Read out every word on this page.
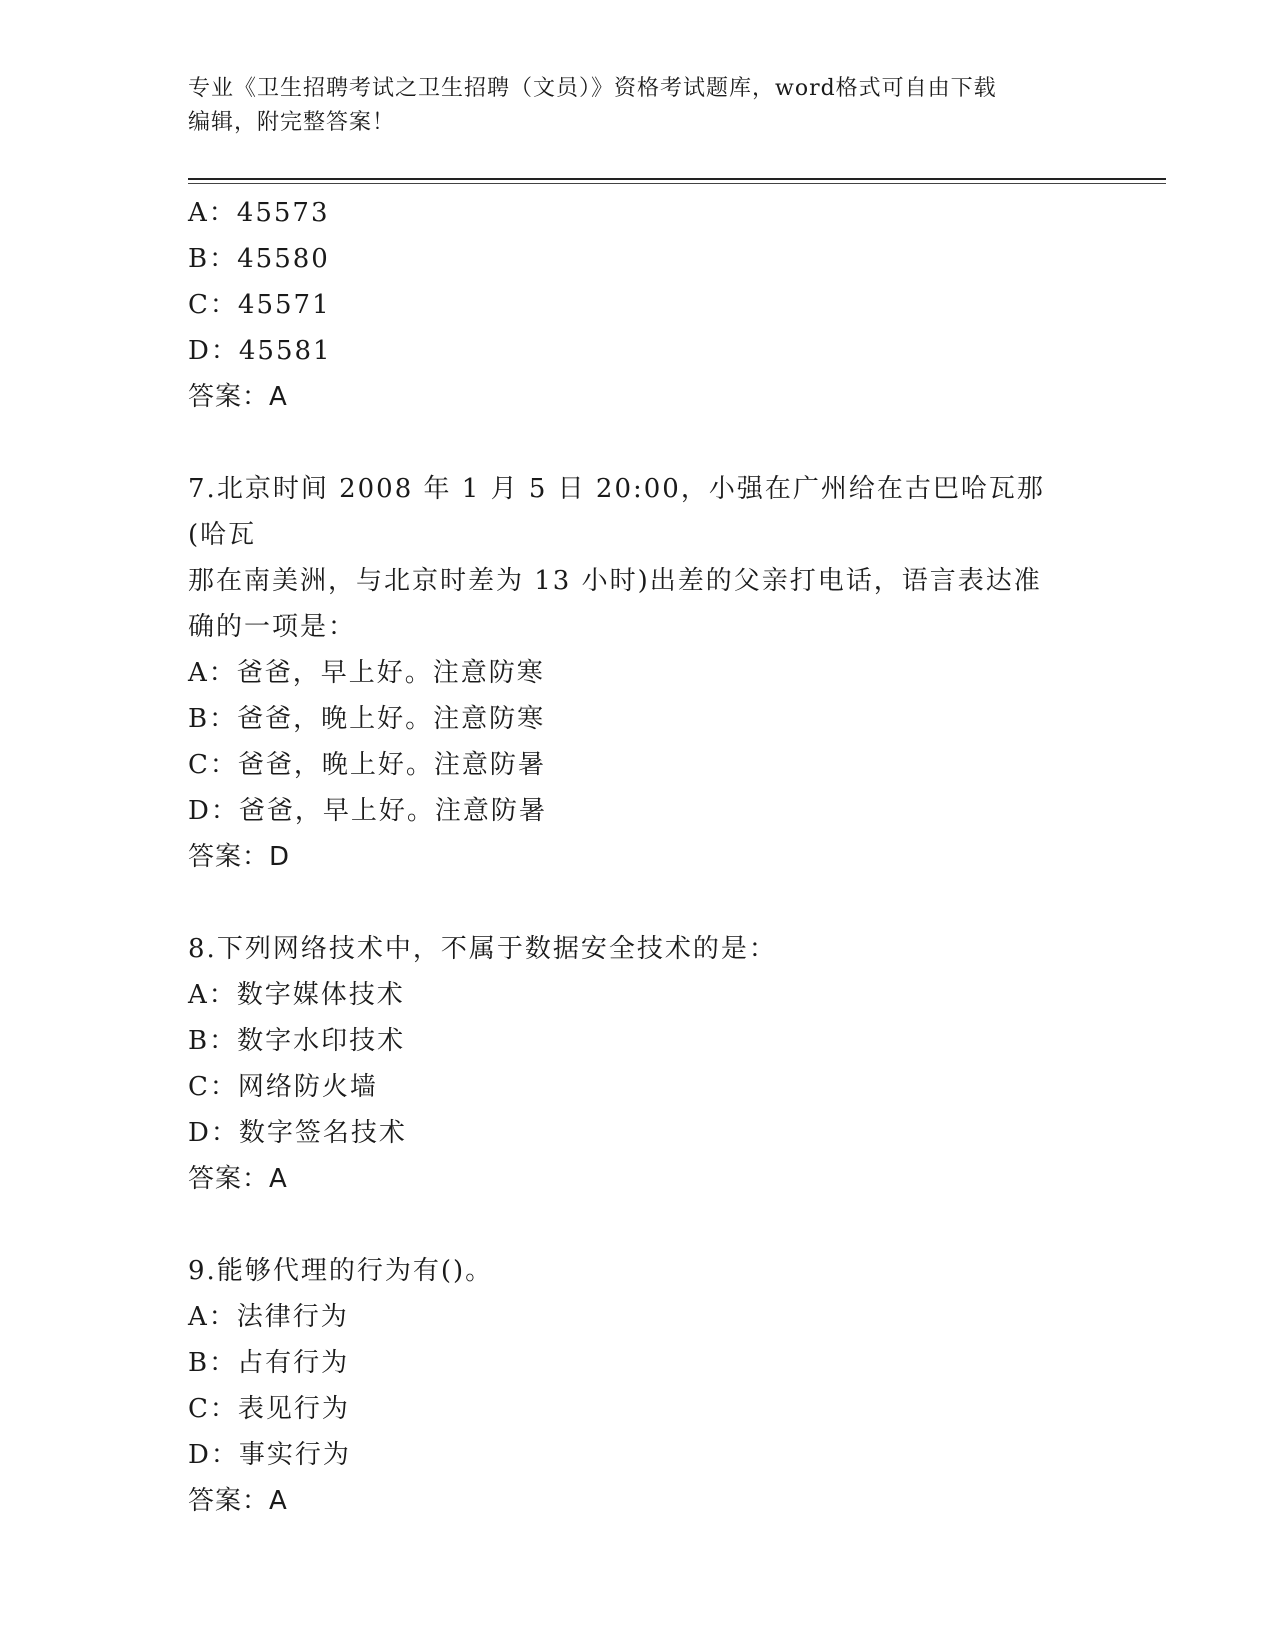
专业《卫生招聘考试之卫生招聘（文员）》资格考试题库，word格式可自由下载
编辑，附完整答案！
A：45573
B：45580
C：45571
D：45581
答案：A
7.北京时间 2008 年 1 月 5 日 20:00，小强在广州给在古巴哈瓦那(哈瓦
那在南美洲，与北京时差为 13 小时)出差的父亲打电话，语言表达准
确的一项是：
A：爸爸，早上好。注意防寒
B：爸爸，晚上好。注意防寒
C：爸爸，晚上好。注意防暑
D：爸爸，早上好。注意防暑
答案：D
8.下列网络技术中，不属于数据安全技术的是：
A：数字媒体技术
B：数字水印技术
C：网络防火墙
D：数字签名技术
答案：A
9.能够代理的行为有()。
A：法律行为
B：占有行为
C：表见行为
D：事实行为
答案：A
